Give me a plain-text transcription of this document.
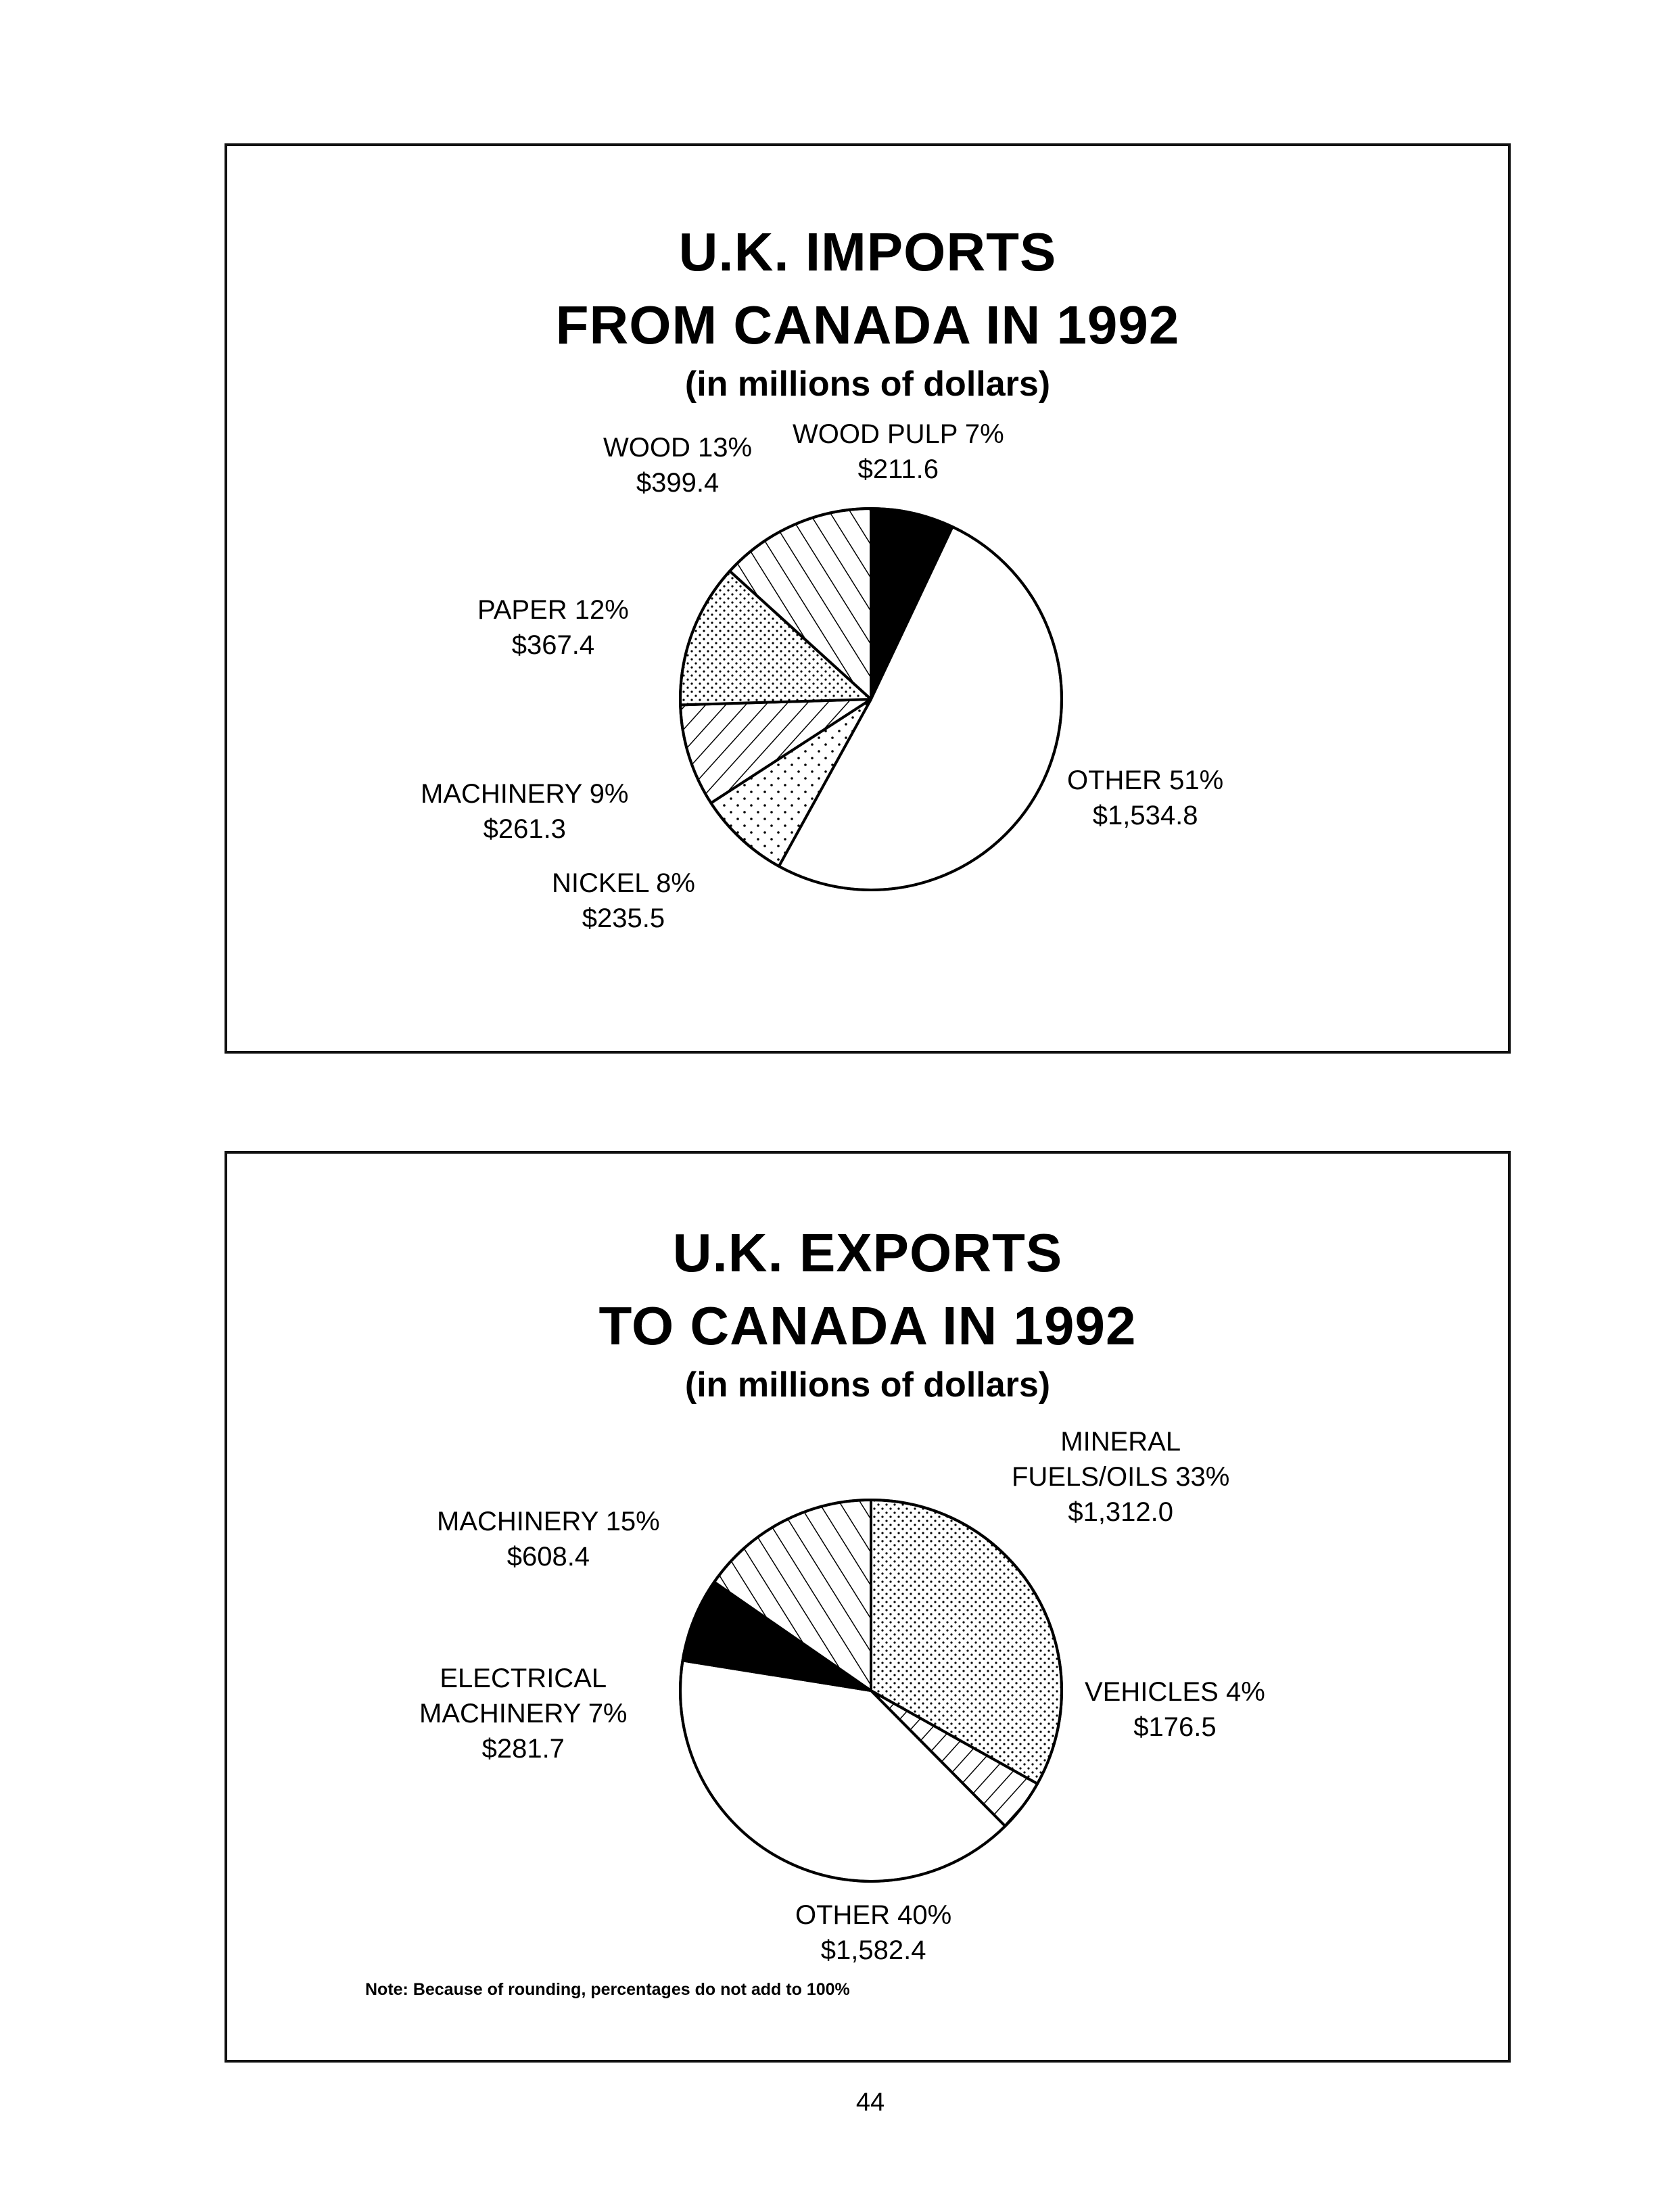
U.K. IMPORTS
FROM CANADA IN 1992
(in millions of dollars)
WOOD PULP 7%
$211.6
OTHER 51%
$1,534.8
NICKEL 8%
$235.5
MACHINERY 9%
$261.3
PAPER 12%
$367.4
WOOD 13%
$399.4
U.K. EXPORTS
TO CANADA IN 1992
(in millions of dollars)
MINERAL
FUELS/OILS 33%
$1,312.0
VEHICLES 4%
$176.5
OTHER 40%
$1,582.4
ELECTRICAL
MACHINERY 7%
$281.7
MACHINERY 15%
$608.4
Note: Because of rounding, percentages do not add to 100%
44
